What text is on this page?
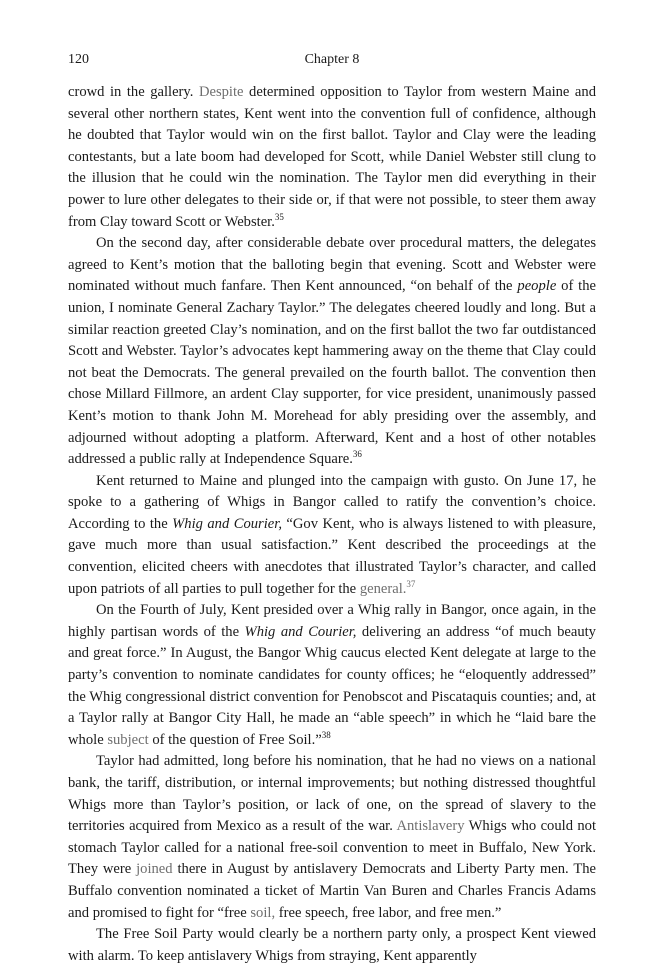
120	Chapter 8

crowd in the gallery. Despite determined opposition to Taylor from western Maine and several other northern states, Kent went into the convention full of confidence, although he doubted that Taylor would win on the first ballot. Taylor and Clay were the leading contestants, but a late boom had developed for Scott, while Daniel Webster still clung to the illusion that he could win the nomination. The Taylor men did everything in their power to lure other delegates to their side or, if that were not possible, to steer them away from Clay toward Scott or Webster.$^{35}$

On the second day, after considerable debate over procedural matters, the delegates agreed to Kent’s motion that the balloting begin that evening. Scott and Webster were nominated without much fanfare. Then Kent announced, “on behalf of the people of the union, I nominate General Zachary Taylor.” The delegates cheered loudly and long. But a similar reaction greeted Clay’s nomination, and on the first ballot the two far outdistanced Scott and Webster. Taylor’s advocates kept hammering away on the theme that Clay could not beat the Democrats. The general prevailed on the fourth ballot. The convention then chose Millard Fillmore, an ardent Clay supporter, for vice president, unanimously passed Kent’s motion to thank John M. Morehead for ably presiding over the assembly, and adjourned without adopting a platform. Afterward, Kent and a host of other notables addressed a public rally at Independence Square.$^{36}$

Kent returned to Maine and plunged into the campaign with gusto. On June 17, he spoke to a gathering of Whigs in Bangor called to ratify the convention’s choice. According to the Whig and Courier, “Gov Kent, who is always listened to with pleasure, gave much more than usual satisfaction.” Kent described the proceedings at the convention, elicited cheers with anecdotes that illustrated Taylor’s character, and called upon patriots of all parties to pull together for the general.$^{37}$

On the Fourth of July, Kent presided over a Whig rally in Bangor, once again, in the highly partisan words of the Whig and Courier, delivering an address “of much beauty and great force.” In August, the Bangor Whig caucus elected Kent delegate at large to the party’s convention to nominate candidates for county offices; he “eloquently addressed” the Whig congressional district convention for Penobscot and Piscataquis counties; and, at a Taylor rally at Bangor City Hall, he made an “able speech” in which he “laid bare the whole subject of the question of Free Soil.”$^{38}$

Taylor had admitted, long before his nomination, that he had no views on a national bank, the tariff, distribution, or internal improvements; but nothing distressed thoughtful Whigs more than Taylor’s position, or lack of one, on the spread of slavery to the territories acquired from Mexico as a result of the war. Antislavery Whigs who could not stomach Taylor called for a national free-soil convention to meet in Buffalo, New York. They were joined there in August by antislavery Democrats and Liberty Party men. The Buffalo convention nominated a ticket of Martin Van Buren and Charles Francis Adams and promised to fight for “free soil, free speech, free labor, and free men.”

The Free Soil Party would clearly be a northern party only, a prospect Kent viewed with alarm. To keep antislavery Whigs from straying, Kent apparently
